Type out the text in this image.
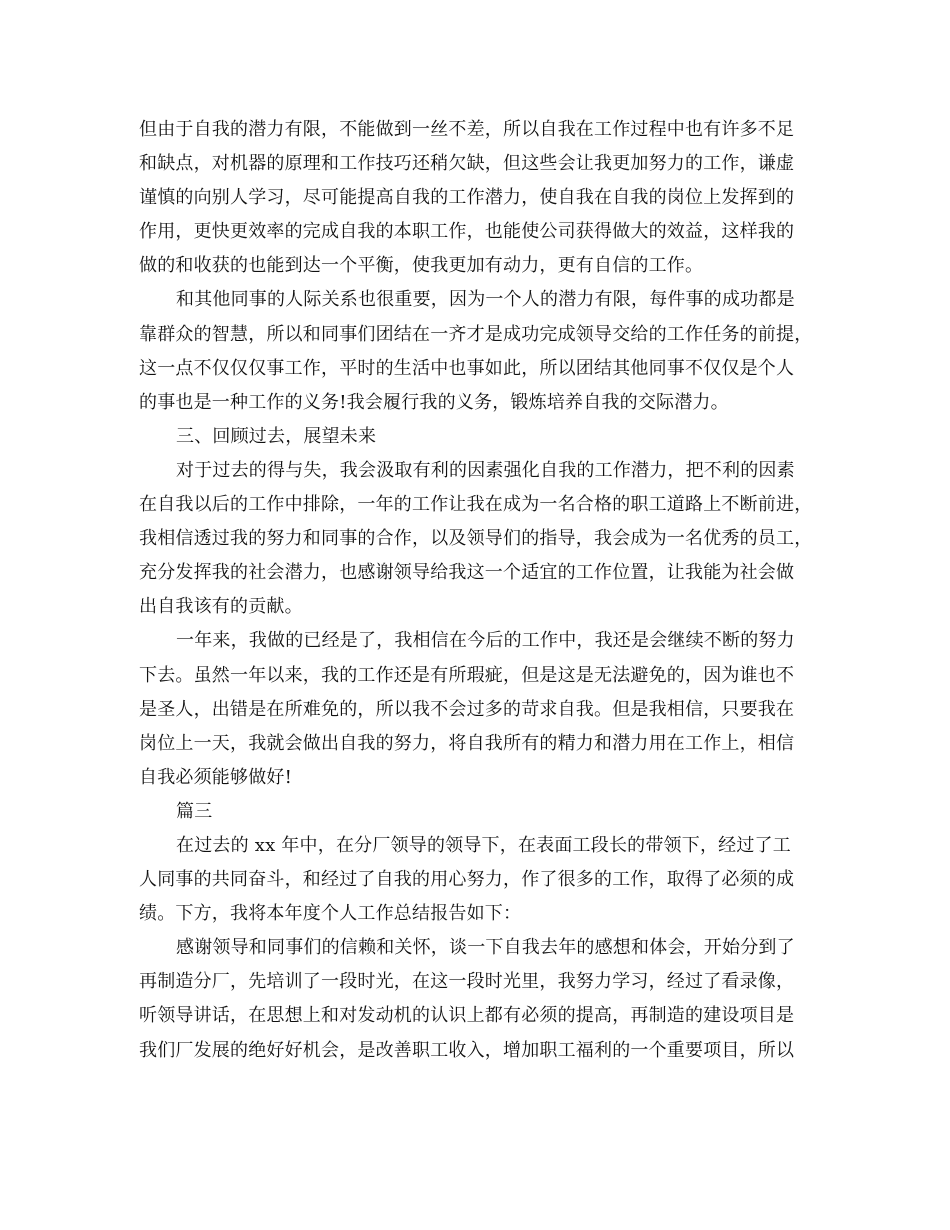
但由于自我的潜力有限，不能做到一丝不差，所以自我在工作过程中也有许多不足
和缺点，对机器的原理和工作技巧还稍欠缺，但这些会让我更加努力的工作，谦虚
谨慎的向别人学习，尽可能提高自我的工作潜力，使自我在自我的岗位上发挥到的
作用，更快更效率的完成自我的本职工作，也能使公司获得做大的效益，这样我的
做的和收获的也能到达一个平衡，使我更加有动力，更有自信的工作。
和其他同事的人际关系也很重要，因为一个人的潜力有限，每件事的成功都是
靠群众的智慧，所以和同事们团结在一齐才是成功完成领导交给的工作任务的前提，
这一点不仅仅仅事工作，平时的生活中也事如此，所以团结其他同事不仅仅是个人
的事也是一种工作的义务!我会履行我的义务，锻炼培养自我的交际潜力。
三、回顾过去，展望未来
对于过去的得与失，我会汲取有利的因素强化自我的工作潜力，把不利的因素
在自我以后的工作中排除，一年的工作让我在成为一名合格的职工道路上不断前进，
我相信透过我的努力和同事的合作，以及领导们的指导，我会成为一名优秀的员工，
充分发挥我的社会潜力，也感谢领导给我这一个适宜的工作位置，让我能为社会做
出自我该有的贡献。
一年来，我做的已经是了，我相信在今后的工作中，我还是会继续不断的努力
下去。虽然一年以来，我的工作还是有所瑕疵，但是这是无法避免的，因为谁也不
是圣人，出错是在所难免的，所以我不会过多的苛求自我。但是我相信，只要我在
岗位上一天，我就会做出自我的努力，将自我所有的精力和潜力用在工作上，相信
自我必须能够做好!
篇三
在过去的 xx 年中，在分厂领导的领导下，在表面工段长的带领下，经过了工
人同事的共同奋斗，和经过了自我的用心努力，作了很多的工作，取得了必须的成
绩。下方，我将本年度个人工作总结报告如下：
感谢领导和同事们的信赖和关怀，谈一下自我去年的感想和体会，开始分到了
再制造分厂，先培训了一段时光，在这一段时光里，我努力学习，经过了看录像，
听领导讲话，在思想上和对发动机的认识上都有必须的提高，再制造的建设项目是
我们厂发展的绝好好机会，是改善职工收入，增加职工福利的一个重要项目，所以
